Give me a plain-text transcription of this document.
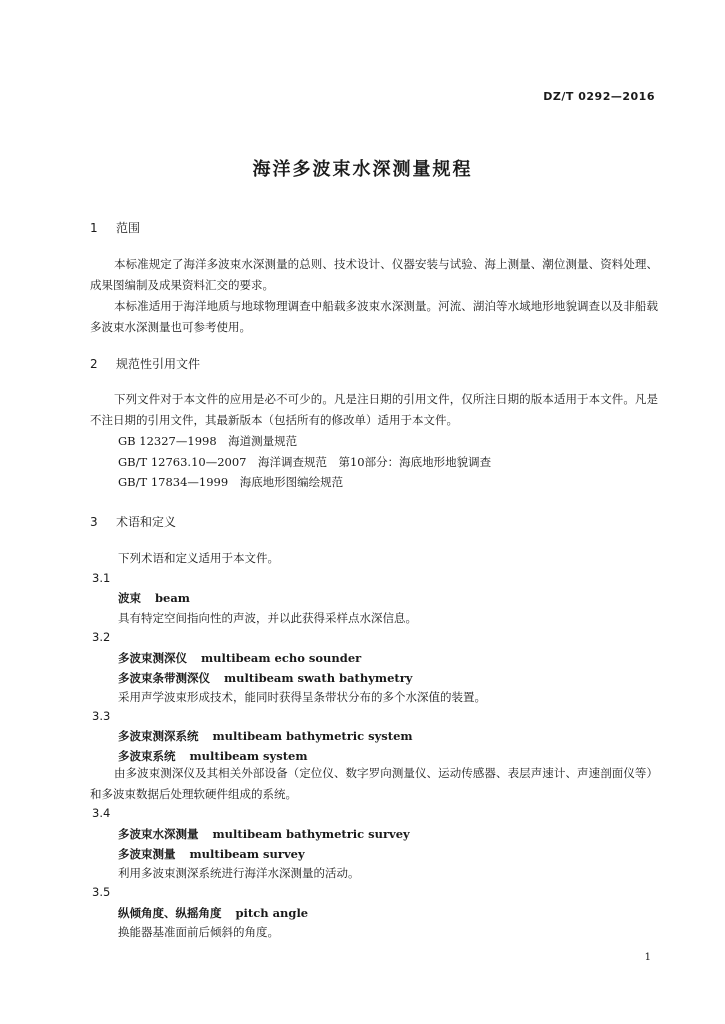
DZ/T 0292—2016
海洋多波束水深测量规程
1 范围
本标准规定了海洋多波束水深测量的总则、技术设计、仪器安装与试验、海上测量、潮位测量、资料处理、成果图编制及成果资料汇交的要求。
本标准适用于海洋地质与地球物理调查中船载多波束水深测量。河流、湖泊等水域地形地貌调查以及非船载多波束水深测量也可参考使用。
2 规范性引用文件
下列文件对于本文件的应用是必不可少的。凡是注日期的引用文件，仅所注日期的版本适用于本文件。凡是不注日期的引用文件，其最新版本（包括所有的修改单）适用于本文件。
GB 12327—1998　海道测量规范
GB/T 12763.10—2007　海洋调查规范　第10部分：海底地形地貌调查
GB/T 17834—1999　海底地形图编绘规范
3 术语和定义
下列术语和定义适用于本文件。
3.1
波束 beam
具有特定空间指向性的声波，并以此获得采样点水深信息。
3.2
多波束测深仪 multibeam echo sounder
多波束条带测深仪 multibeam swath bathymetry
采用声学波束形成技术，能同时获得呈条带状分布的多个水深值的装置。
3.3
多波束测深系统 multibeam bathymetric system
多波束系统 multibeam system
由多波束测深仪及其相关外部设备（定位仪、数字罗向测量仪、运动传感器、表层声速计、声速剖面仪等）和多波束数据后处理软硬件组成的系统。
3.4
多波束水深测量 multibeam bathymetric survey
多波束测量 multibeam survey
利用多波束测深系统进行海洋水深测量的活动。
3.5
纵倾角度、纵摇角度 pitch angle
换能器基准面前后倾斜的角度。
1
